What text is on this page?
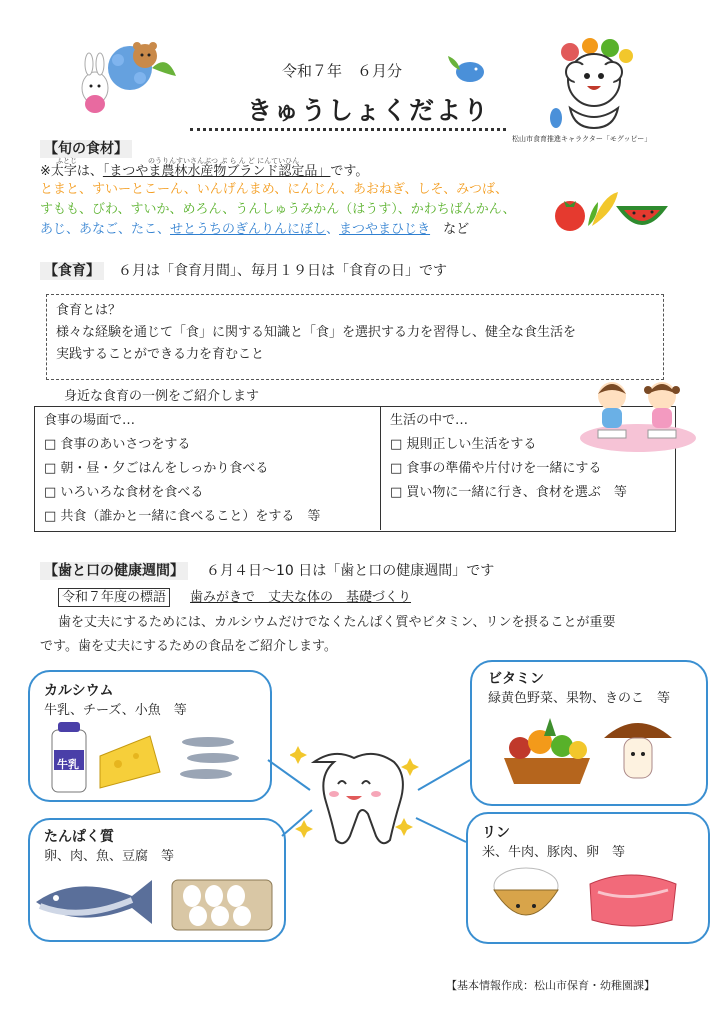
令和７年　６月分
きゅうしょくだより
松山市食育推進キャラクター「モグッピー」
【旬の食材】
ふとじ	のうりんすいさんぶつ ぶ ら ん ど にんていひん
※太字は、「まつやま農林水産物ブランド認定品」です。
とまと、すいーとこーん、いんげんまめ、にんじん、あおねぎ、しそ、みつば、
すもも、びわ、すいか、めろん、うんしゅうみかん（はうす）、かわちばんかん、
あじ、あなご、たこ、せとうちのぎんりんにぼし、まつやまひじき　など
【食育】 ６月は「食育月間」、毎月１９日は「食育の日」です
食育とは？
様々な経験を通じて「食」に関する知識と「食」を選択する力を習得し、健全な食生活を
実践することができる力を育むこと
身近な食育の一例をご紹介します
食事の場面で…
□ 食事のあいさつをする
□ 朝・昼・夕ごはんをしっかり食べる
□ いろいろな食材を食べる
□ 共食（誰かと一緒に食べること）をする　等
生活の中で…
□ 規則正しい生活をする
□ 食事の準備や片付けを一緒にする
□ 買い物に一緒に行き、食材を選ぶ　等
【歯と口の健康週間】 ６月４日～10 日は「歯と口の健康週間」です
令和７年度の標語	歯みがきで　丈夫な体の　基礎づくり
歯を丈夫にするためには、カルシウムだけでなくたんぱく質やビタミン、リンを摂ることが重要
です。歯を丈夫にするための食品をご紹介します。
カルシウム
牛乳、チーズ、小魚　等
牛乳
たんぱく質
卵、肉、魚、豆腐　等
ビタミン
緑黄色野菜、果物、きのこ　等
リン
米、牛肉、豚肉、卵　等
【基本情報作成：松山市保育・幼稚園課】
